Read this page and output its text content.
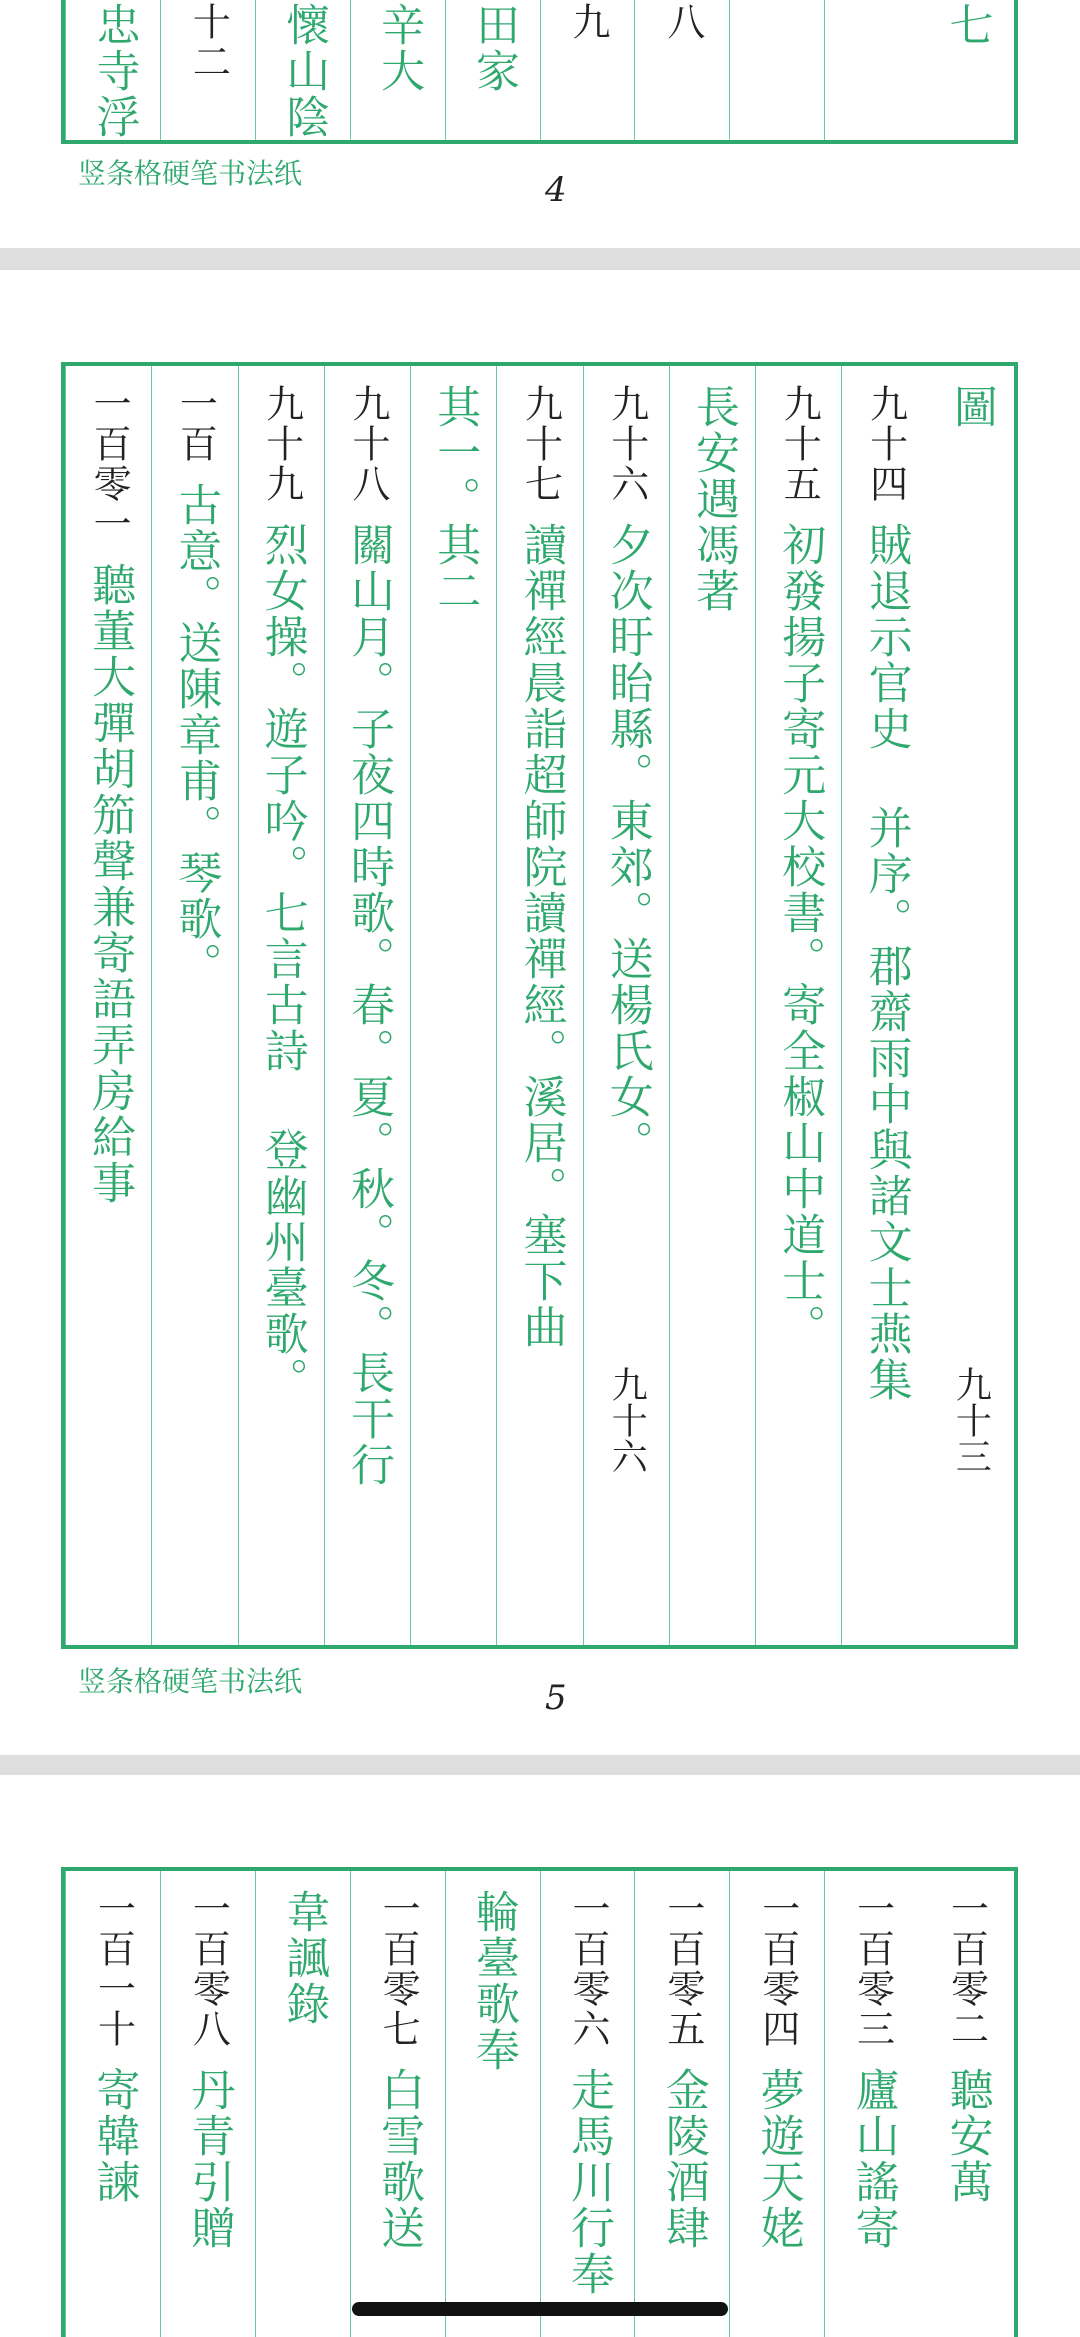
七
八
九
田家
辛大
懷山陰
十二
忠寺浮
竖条格硬笔书法纸	4
圖
九十三
九十四
賊退示官史 并序。郡齋雨中與諸文士燕集
九十五
初發揚子寄元大校書。寄全椒山中道士。
長安遇馮著
九十六
夕次盱眙縣。東郊。送楊氏女。
九十六
九十七
讀禪經晨詣超師院讀禪經。溪居。塞下曲
其一。其二
九十八
關山月。子夜四時歌。春。夏。秋。冬。長干行
九十九
烈女操。遊子吟。七言古詩 登幽州臺歌。
一百
古意。送陳章甫。琴歌。
一百零一
聽董大彈胡笳聲兼寄語弄房給事
竖条格硬笔书法纸	5
一百零二
聽安萬
一百零三
廬山謠寄
一百零四
夢遊天姥
一百零五
金陵酒肆
一百零六
走馬川行奉
輪臺歌奉
一百零七
白雪歌送
韋諷錄
一百零八
丹青引贈
一百一十
寄韓諫
